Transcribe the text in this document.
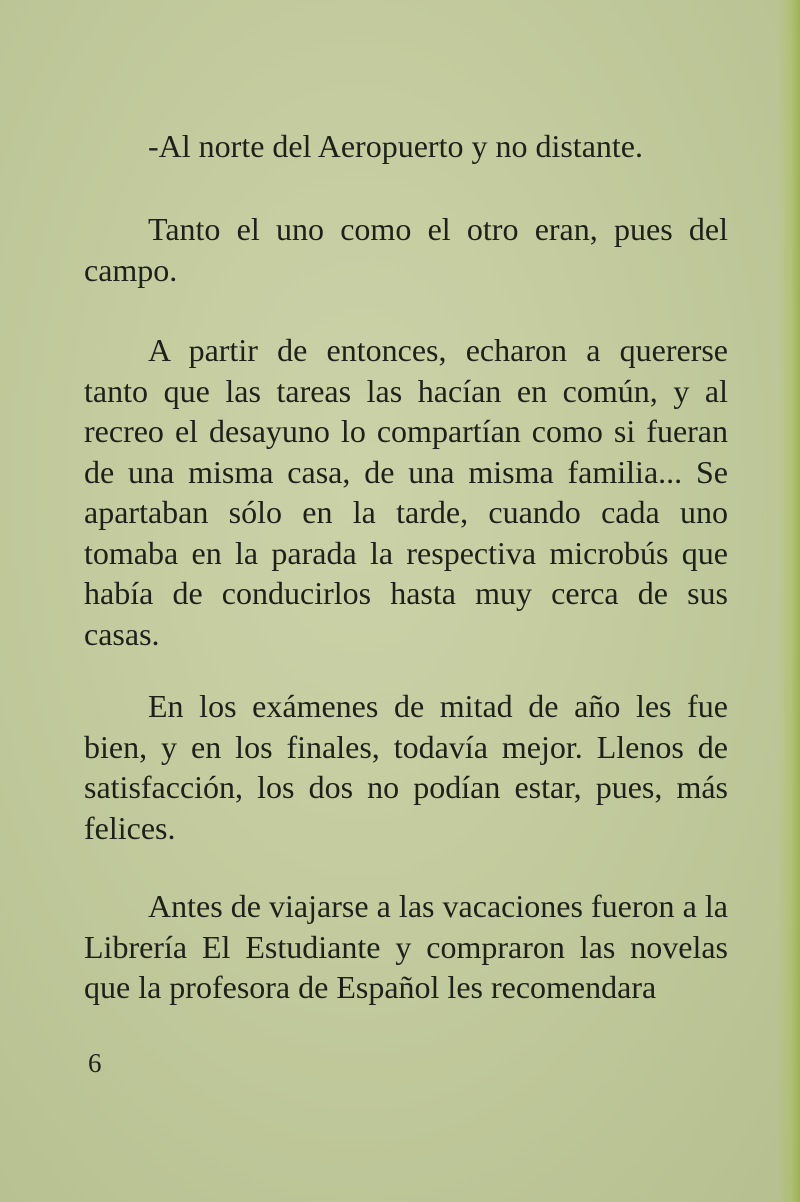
-Al norte del Aeropuerto y no distante.

Tanto el uno como el otro eran, pues del campo.

A partir de entonces, echaron a quererse tanto que las tareas las hacían en común, y al recreo el desayuno lo compartían como si fueran de una misma casa, de una misma familia... Se apartaban sólo en la tarde, cuando cada uno tomaba en la parada la respectiva microbús que había de conducirlos hasta muy cerca de sus casas.

En los exámenes de mitad de año les fue bien, y en los finales, todavía mejor. Llenos de satisfacción, los dos no podían estar, pues, más felices.

Antes de viajarse a las vacaciones fueron a la Librería El Estudiante y compraron las novelas que la profesora de Español les recomendara

6
